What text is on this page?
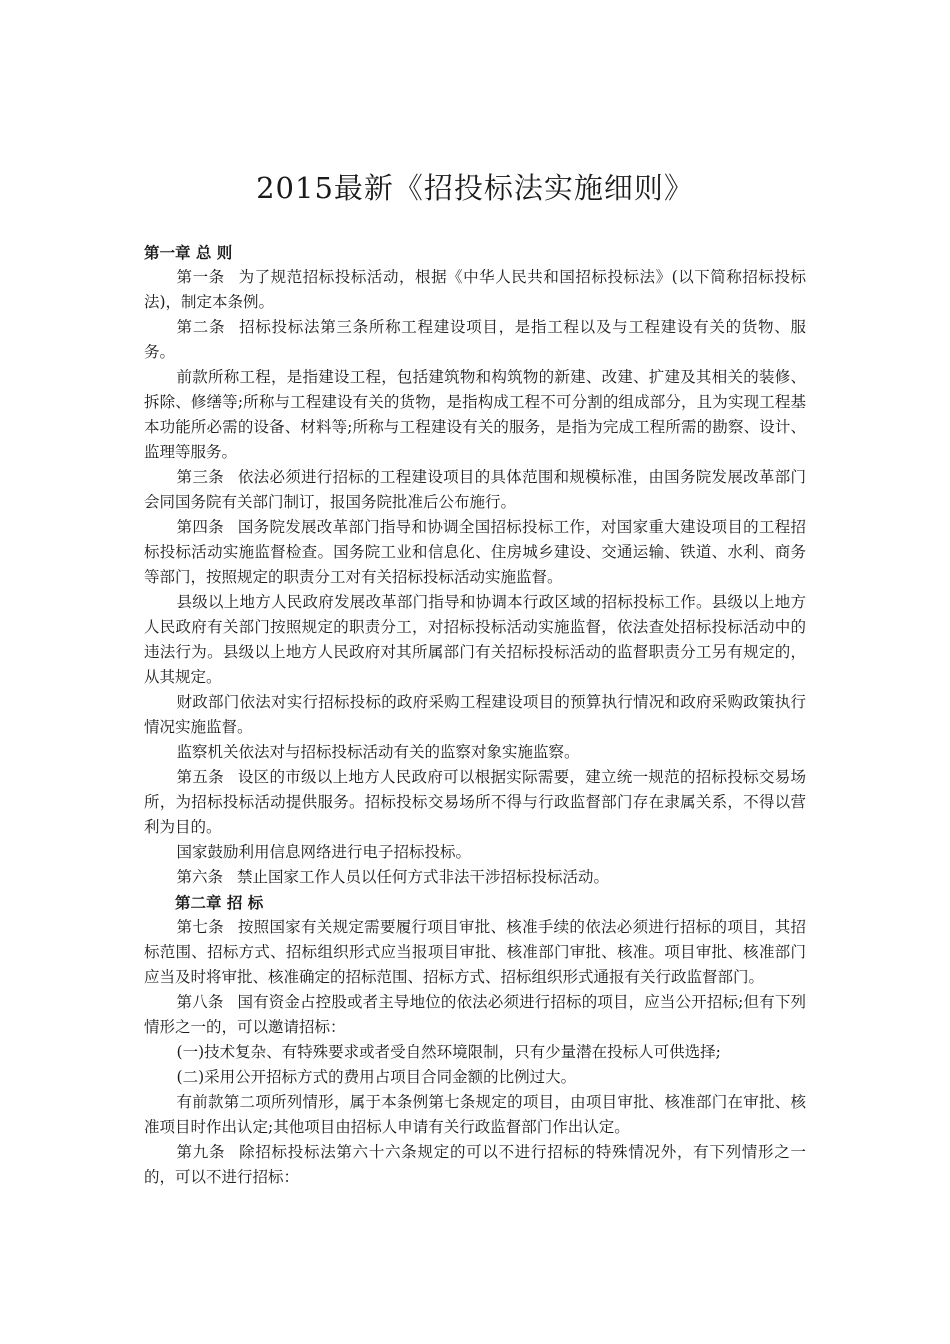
2015最新《招投标法实施细则》

第一章 总 则

第一条 为了规范招标投标活动，根据《中华人民共和国招标投标法》(以下简称招标投标法)，制定本条例。

第二条 招标投标法第三条所称工程建设项目，是指工程以及与工程建设有关的货物、服务。

前款所称工程，是指建设工程，包括建筑物和构筑物的新建、改建、扩建及其相关的装修、拆除、修缮等;所称与工程建设有关的货物，是指构成工程不可分割的组成部分，且为实现工程基本功能所必需的设备、材料等;所称与工程建设有关的服务，是指为完成工程所需的勘察、设计、监理等服务。

第三条 依法必须进行招标的工程建设项目的具体范围和规模标准，由国务院发展改革部门会同国务院有关部门制订，报国务院批准后公布施行。

第四条 国务院发展改革部门指导和协调全国招标投标工作，对国家重大建设项目的工程招标投标活动实施监督检查。国务院工业和信息化、住房城乡建设、交通运输、铁道、水利、商务等部门，按照规定的职责分工对有关招标投标活动实施监督。

县级以上地方人民政府发展改革部门指导和协调本行政区域的招标投标工作。县级以上地方人民政府有关部门按照规定的职责分工，对招标投标活动实施监督，依法查处招标投标活动中的违法行为。县级以上地方人民政府对其所属部门有关招标投标活动的监督职责分工另有规定的，从其规定。

财政部门依法对实行招标投标的政府采购工程建设项目的预算执行情况和政府采购政策执行情况实施监督。

监察机关依法对与招标投标活动有关的监察对象实施监察。

第五条 设区的市级以上地方人民政府可以根据实际需要，建立统一规范的招标投标交易场所，为招标投标活动提供服务。招标投标交易场所不得与行政监督部门存在隶属关系，不得以营利为目的。

国家鼓励利用信息网络进行电子招标投标。

第六条 禁止国家工作人员以任何方式非法干涉招标投标活动。

第二章 招 标

第七条 按照国家有关规定需要履行项目审批、核准手续的依法必须进行招标的项目，其招标范围、招标方式、招标组织形式应当报项目审批、核准部门审批、核准。项目审批、核准部门应当及时将审批、核准确定的招标范围、招标方式、招标组织形式通报有关行政监督部门。

第八条 国有资金占控股或者主导地位的依法必须进行招标的项目，应当公开招标;但有下列情形之一的，可以邀请招标：

(一)技术复杂、有特殊要求或者受自然环境限制，只有少量潜在投标人可供选择;

(二)采用公开招标方式的费用占项目合同金额的比例过大。

有前款第二项所列情形，属于本条例第七条规定的项目，由项目审批、核准部门在审批、核准项目时作出认定;其他项目由招标人申请有关行政监督部门作出认定。

第九条 除招标投标法第六十六条规定的可以不进行招标的特殊情况外，有下列情形之一的，可以不进行招标：
